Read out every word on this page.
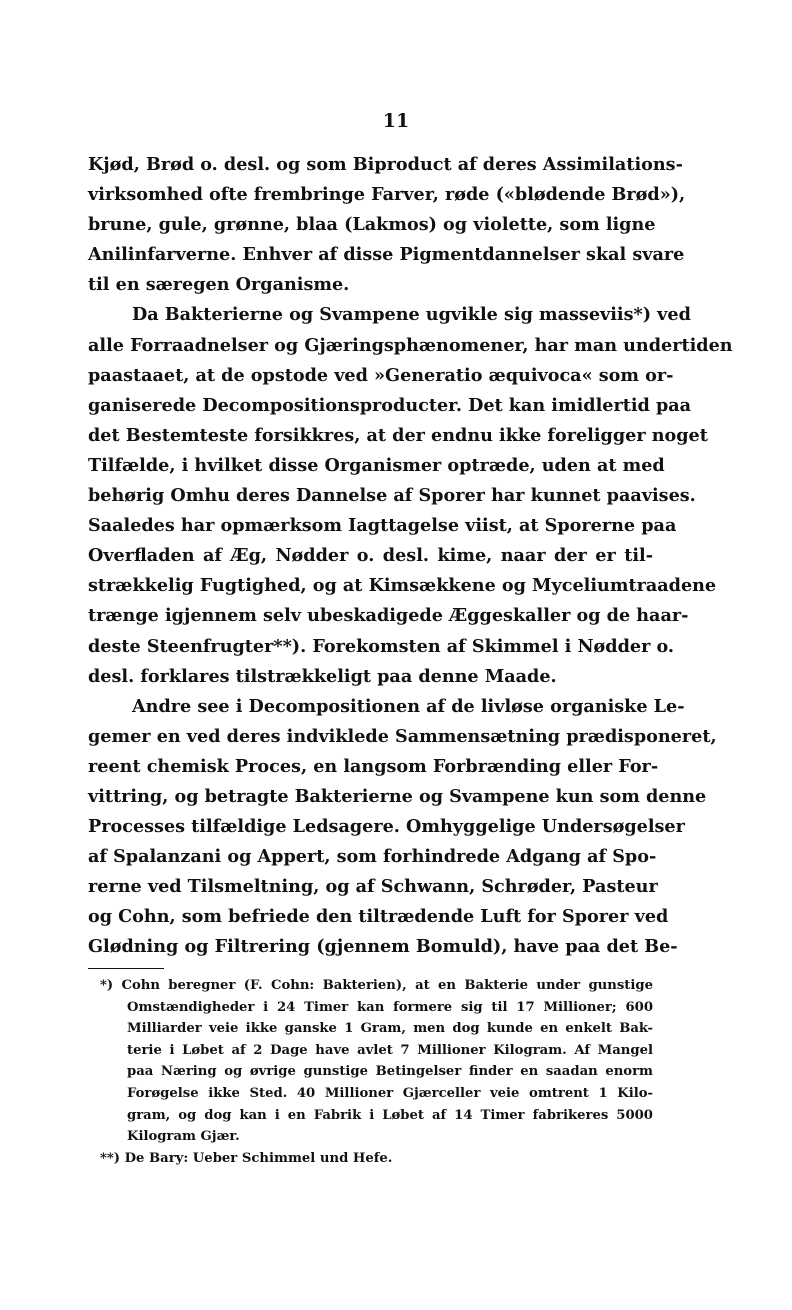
11
Kjød, Brød o. desl. og som Biproduct af deres Assimilations-
virksomhed ofte frembringe Farver, røde («blødende Brød»),
brune, gule, grønne, blaa (Lakmos) og violette, som ligne
Anilinfarverne. Enhver af disse Pigmentdannelser skal svare
til en særegen Organisme.
Da Bakterierne og Svampene ugvikle sig masseviis*) ved
alle Forraadnelser og Gjæringsphænomener, har man undertiden
paastaaet, at de opstode ved »Generatio æquivoca« som or-
ganiserede Decompositionsproducter. Det kan imidlertid paa
det Bestemteste forsikkres, at der endnu ikke foreligger noget
Tilfælde, i hvilket disse Organismer optræde, uden at med
behørig Omhu deres Dannelse af Sporer har kunnet paavises.
Saaledes har opmærksom Iagttagelse viist, at Sporerne paa
Overfladen af Æg, Nødder o. desl. kime, naar der er til-
strækkelig Fugtighed, og at Kimsækkene og Myceliumtraadene
trænge igjennem selv ubeskadigede Æggeskaller og de haar-
deste Steenfrugter**). Forekomsten af Skimmel i Nødder o.
desl. forklares tilstrækkeligt paa denne Maade.
Andre see i Decompositionen af de livløse organiske Le-
gemer en ved deres indviklede Sammensætning prædisponeret,
reent chemisk Proces, en langsom Forbrænding eller For-
vittring, og betragte Bakterierne og Svampene kun som denne
Processes tilfældige Ledsagere. Omhyggelige Undersøgelser
af Spalanzani og Appert, som forhindrede Adgang af Spo-
rerne ved Tilsmeltning, og af Schwann, Schrøder, Pasteur
og Cohn, som befriede den tiltrædende Luft for Sporer ved
Glødning og Filtrering (gjennem Bomuld), have paa det Be-
*) Cohn beregner (F. Cohn: Bakterien), at en Bakterie under gunstige
Omstændigheder i 24 Timer kan formere sig til 17 Millioner; 600
Milliarder veie ikke ganske 1 Gram, men dog kunde en enkelt Bak-
terie i Løbet af 2 Dage have avlet 7 Millioner Kilogram. Af Mangel
paa Næring og øvrige gunstige Betingelser finder en saadan enorm
Forøgelse ikke Sted. 40 Millioner Gjærceller veie omtrent 1 Kilo-
gram, og dog kan i en Fabrik i Løbet af 14 Timer fabrikeres 5000
Kilogram Gjær.
**) De Bary: Ueber Schimmel und Hefe.
